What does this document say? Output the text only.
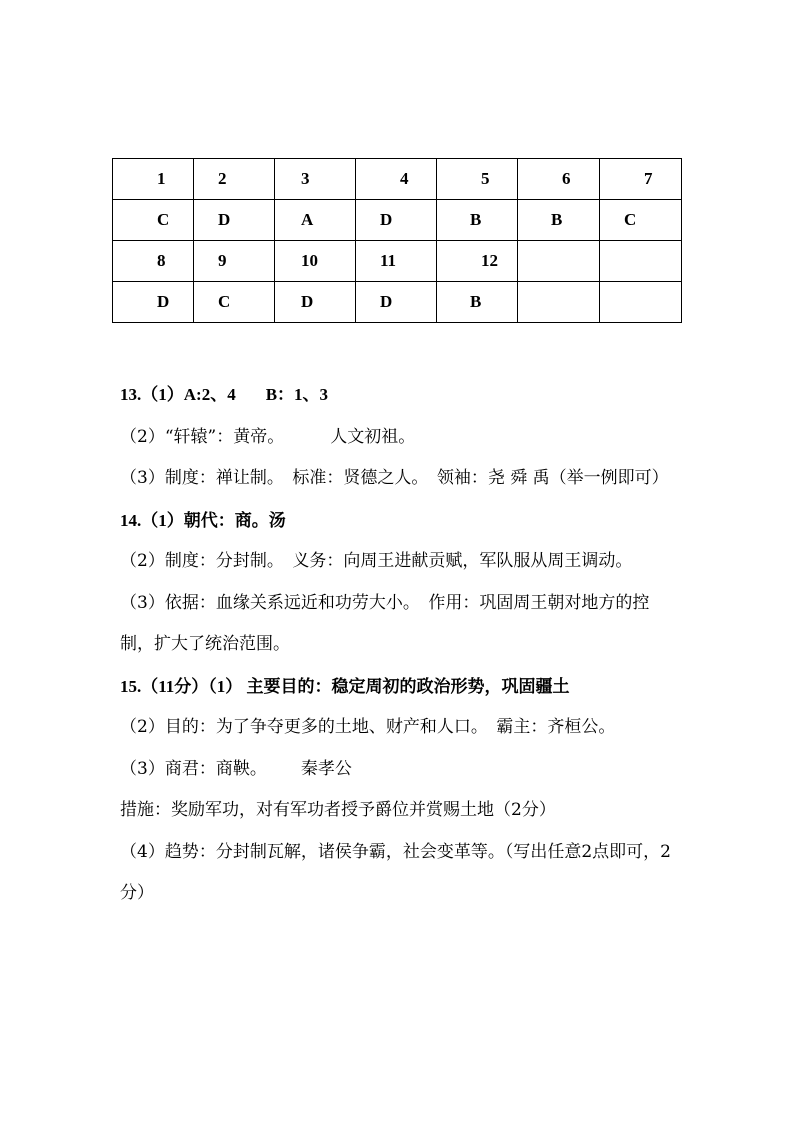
1	2	3	4	5	6	7
C	D	A	D	B	B	C
8	9	10	11	12		
D	C	D	D	B		

13.（1）A:2、4 B：1、3

（2）“轩辕”：黄帝。	人文初祖。

（3）制度：禅让制。　标准：贤德之人。　领袖：尧 舜 禹（举一例即可）

14.（1）朝代：商。汤

（2）制度：分封制。　义务：向周王进献贡赋，军队服从周王调动。

（3）依据：血缘关系远近和功劳大小。　作用：巩固周王朝对地方的控制，扩大了统治范围。

15.（11分）（1） 主要目的：稳定周初的政治形势，巩固疆土

（2）目的：为了争夺更多的土地、财产和人口。　霸主：齐桓公。

（3）商君：商鞅。 秦孝公

措施：奖励军功，对有军功者授予爵位并赏赐土地（2分）

（4）趋势：分封制瓦解，诸侯争霸，社会变革等。（写出任意2点即可，2分）
